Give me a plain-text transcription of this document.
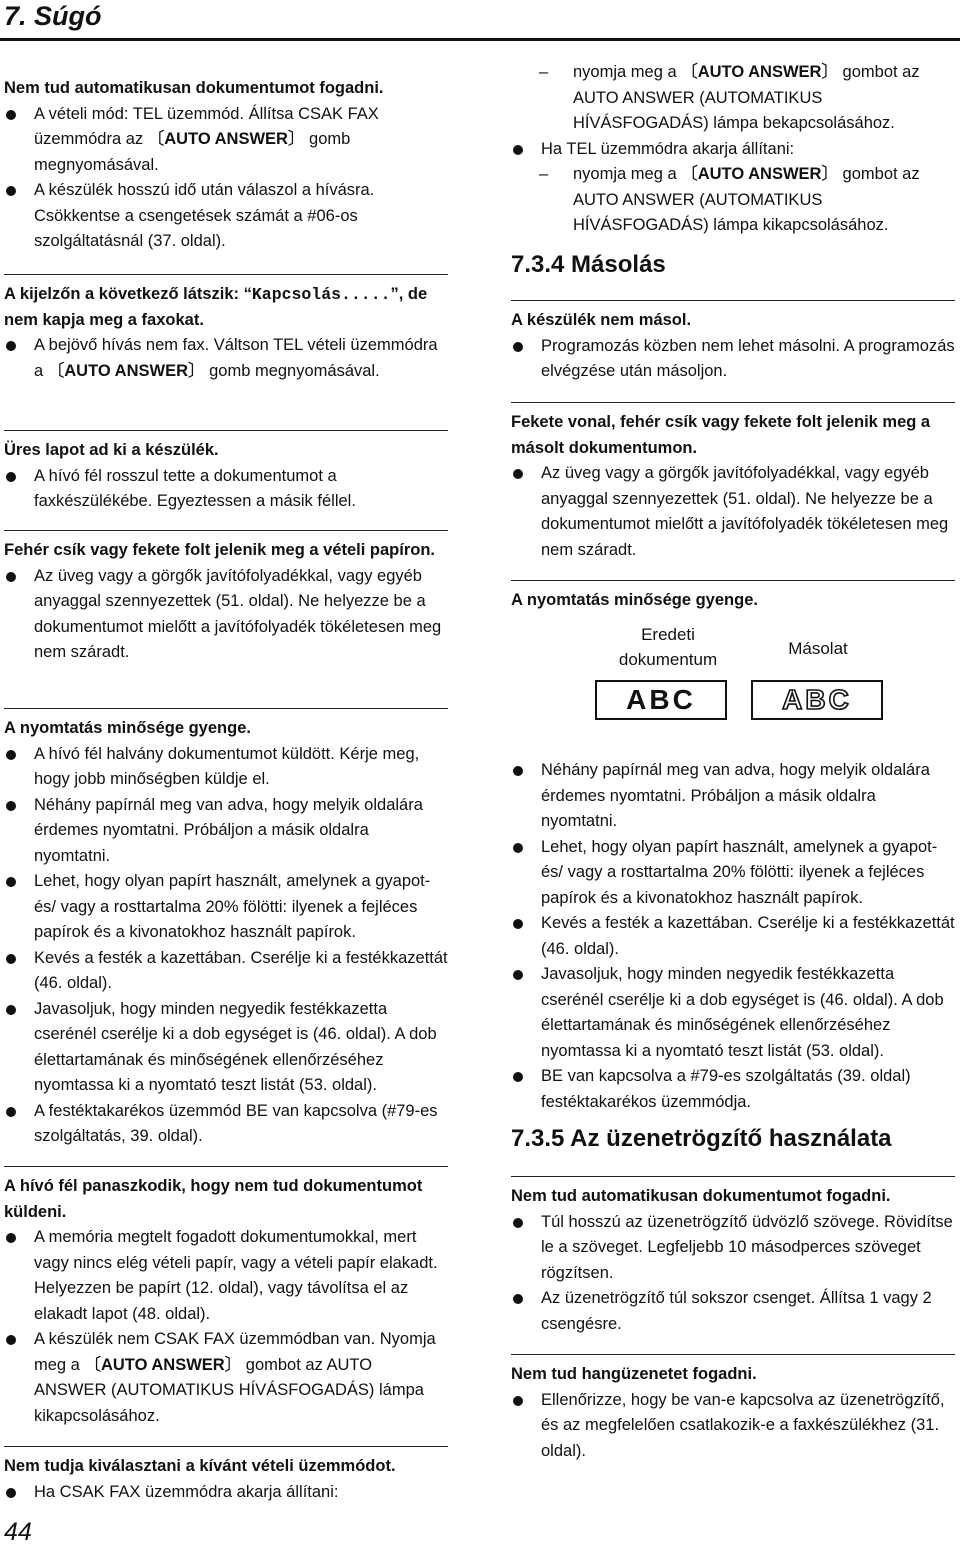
7. Súgó

Nem tud automatikusan dokumentumot fogadni.

A vételi mód: TEL üzemmód. Állítsa CSAK FAX üzemmódra az 〔AUTO ANSWER〕 gomb megnyomásával.
A készülék hosszú idő után válaszol a hívásra. Csökkentse a csengetések számát a #06-os szolgáltatásnál (37. oldal).

A kijelzőn a következő látszik: “Kapcsolás.....”, de nem kapja meg a faxokat.

A bejövő hívás nem fax. Váltson TEL vételi üzemmódra a 〔AUTO ANSWER〕 gomb megnyomásával.

Üres lapot ad ki a készülék.

A hívó fél rosszul tette a dokumentumot a faxkészülékébe. Egyeztessen a másik féllel.

Fehér csík vagy fekete folt jelenik meg a vételi papíron.

Az üveg vagy a görgők javítófolyadékkal, vagy egyéb anyaggal szennyezettek (51. oldal). Ne helyezze be a dokumentumot mielőtt a javítófolyadék tökéletesen meg nem száradt.

A nyomtatás minősége gyenge.

A hívó fél halvány dokumentumot küldött. Kérje meg, hogy jobb minőségben küldje el.
Néhány papírnál meg van adva, hogy melyik oldalára érdemes nyomtatni. Próbáljon a másik oldalra nyomtatni.
Lehet, hogy olyan papírt használt, amelynek a gyapot- és/ vagy a rosttartalma 20% fölötti: ilyenek a fejléces papírok és a kivonatokhoz használt papírok.
Kevés a festék a kazettában. Cserélje ki a festékkazettát (46. oldal).
Javasoljuk, hogy minden negyedik festékkazetta cserénél cserélje ki a dob egységet is (46. oldal). A dob élettartamának és minőségének ellenőrzéséhez nyomtassa ki a nyomtató teszt listát (53. oldal).
A festéktakarékos üzemmód BE van kapcsolva (#79-es szolgáltatás, 39. oldal).

A hívó fél panaszkodik, hogy nem tud dokumentumot küldeni.

A memória megtelt fogadott dokumentumokkal, mert vagy nincs elég vételi papír, vagy a vételi papír elakadt. Helyezzen be papírt (12. oldal), vagy távolítsa el az elakadt lapot (48. oldal).
A készülék nem CSAK FAX üzemmódban van. Nyomja meg a 〔AUTO ANSWER〕 gombot az AUTO ANSWER (AUTOMATIKUS HÍVÁSFOGADÁS) lámpa kikapcsolásához.

Nem tudja kiválasztani a kívánt vételi üzemmódot.

Ha CSAK FAX üzemmódra akarja állítani:
– nyomja meg a 〔AUTO ANSWER〕 gombot az AUTO ANSWER (AUTOMATIKUS HÍVÁSFOGADÁS) lámpa bekapcsolásához.
Ha TEL üzemmódra akarja állítani:
– nyomja meg a 〔AUTO ANSWER〕 gombot az AUTO ANSWER (AUTOMATIKUS HÍVÁSFOGADÁS) lámpa kikapcsolásához.
7.3.4 Másolás

A készülék nem másol.

Programozás közben nem lehet másolni. A programozás elvégzése után másoljon.

Fekete vonal, fehér csík vagy fekete folt jelenik meg a másolt dokumentumon.

Az üveg vagy a görgők javítófolyadékkal, vagy egyéb anyaggal szennyezettek (51. oldal). Ne helyezze be a dokumentumot mielőtt a javítófolyadék tökéletesen meg nem száradt.

A nyomtatás minősége gyenge.

Eredeti dokumentum
Másolat
ABC	ABC
Néhány papírnál meg van adva, hogy melyik oldalára érdemes nyomtatni. Próbáljon a másik oldalra nyomtatni.
Lehet, hogy olyan papírt használt, amelynek a gyapot- és/ vagy a rosttartalma 20% fölötti: ilyenek a fejléces papírok és a kivonatokhoz használt papírok.
Kevés a festék a kazettában. Cserélje ki a festékkazettát (46. oldal).
Javasoljuk, hogy minden negyedik festékkazetta cserénél cserélje ki a dob egységet is (46. oldal). A dob élettartamának és minőségének ellenőrzéséhez nyomtassa ki a nyomtató teszt listát (53. oldal).
BE van kapcsolva a #79-es szolgáltatás (39. oldal) festéktakarékos üzemmódja.
7.3.5 Az üzenetrögzítő használata

Nem tud automatikusan dokumentumot fogadni.

Túl hosszú az üzenetrögzítő üdvözlő szövege. Rövidítse le a szöveget. Legfeljebb 10 másodperces szöveget rögzítsen.
Az üzenetrögzítő túl sokszor csenget. Állítsa 1 vagy 2 csengésre.

Nem tud hangüzenetet fogadni.

Ellenőrizze, hogy be van-e kapcsolva az üzenetrögzítő, és az megfelelően csatlakozik-e a faxkészülékhez (31. oldal).
44
